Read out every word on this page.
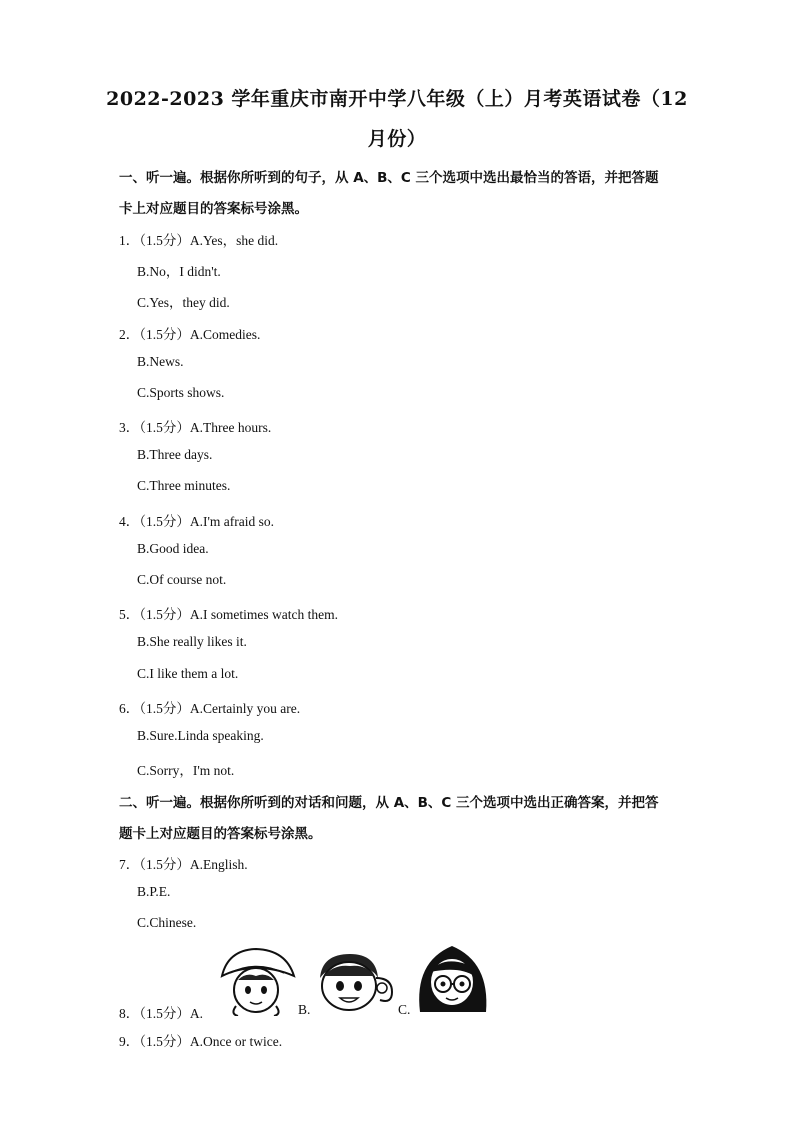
2022-2023 学年重庆市南开中学八年级（上）月考英语试卷（12
月份）
一、听一遍。根据你所听到的句子，从 A、B、C 三个选项中选出最恰当的答语，并把答题
卡上对应题目的答案标号涂黑。
1．（1.5分）A.Yes，she did.
B.No，I didn't.
C.Yes，they did.
2．（1.5分）A.Comedies.
B.News.
C.Sports shows.
3．（1.5分）A.Three hours.
B.Three days.
C.Three minutes.
4．（1.5分）A.I'm afraid so.
B.Good idea.
C.Of course not.
5．（1.5分）A.I sometimes watch them.
B.She really likes it.
C.I like them a lot.
6．（1.5分）A.Certainly you are.
B.Sure.Linda speaking.
C.Sorry，I'm not.
二、听一遍。根据你所听到的对话和问题，从 A、B、C 三个选项中选出正确答案，并把答
题卡上对应题目的答案标号涂黑。
7．（1.5分）A.English.
B.P.E.
C.Chinese.
8．（1.5分）A.	B.	C.
9．（1.5分）A.Once or twice.
